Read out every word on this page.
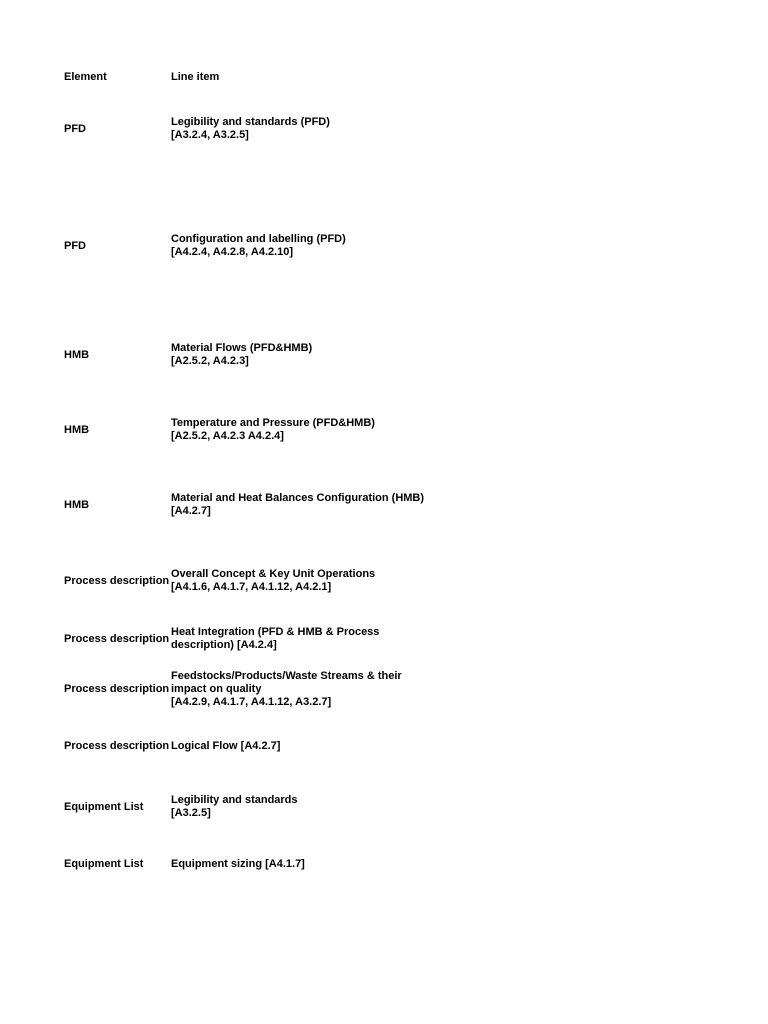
Element	Line item
PFD
Legibility and standards (PFD)
[A3.2.4, A3.2.5]
PFD
Configuration and labelling (PFD)
[A4.2.4, A4.2.8, A4.2.10]
HMB
Material Flows (PFD&HMB)
[A2.5.2, A4.2.3]
HMB
Temperature and Pressure (PFD&HMB)
[A2.5.2, A4.2.3 A4.2.4]
HMB
Material and Heat Balances Configuration (HMB)
[A4.2.7]
Process description
Overall Concept & Key Unit Operations
[A4.1.6, A4.1.7, A4.1.12, A4.2.1]
Process description
Heat Integration (PFD & HMB & Process
description) [A4.2.4]
Process description
Feedstocks/Products/Waste Streams & their
impact on quality
[A4.2.9, A4.1.7, A4.1.12, A3.2.7]
Process description Logical Flow [A4.2.7]
Equipment List
Legibility and standards
[A3.2.5]
Equipment List	Equipment sizing [A4.1.7]
